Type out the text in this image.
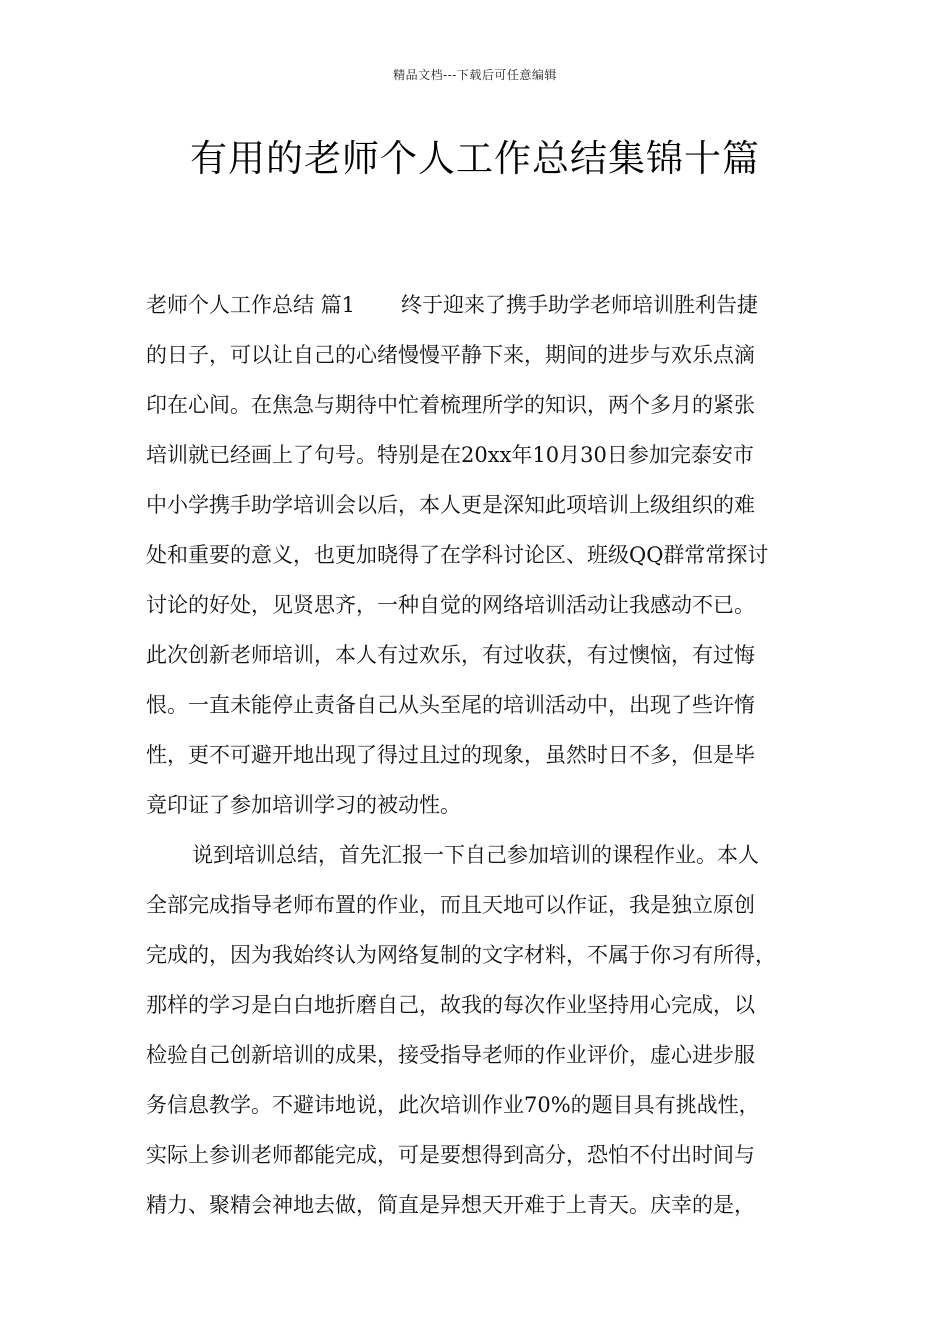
精品文档---下载后可任意编辑
有用的老师个人工作总结集锦十篇
老师个人工作总结 篇1 终于迎来了携手助学老师培训胜利告捷
的日子，可以让自己的心绪慢慢平静下来，期间的进步与欢乐点滴
印在心间。在焦急与期待中忙着梳理所学的知识，两个多月的紧张
培训就已经画上了句号。特别是在20xx年10月30日参加完泰安市
中小学携手助学培训会以后，本人更是深知此项培训上级组织的难
处和重要的意义，也更加晓得了在学科讨论区、班级QQ群常常探讨
讨论的好处，见贤思齐，一种自觉的网络培训活动让我感动不已。
此次创新老师培训，本人有过欢乐，有过收获，有过懊恼，有过悔
恨。一直未能停止责备自己从头至尾的培训活动中，出现了些许惰
性，更不可避开地出现了得过且过的现象，虽然时日不多，但是毕
竟印证了参加培训学习的被动性。
说到培训总结，首先汇报一下自己参加培训的课程作业。本人
全部完成指导老师布置的作业，而且天地可以作证，我是独立原创
完成的，因为我始终认为网络复制的文字材料，不属于你习有所得，
那样的学习是白白地折磨自己，故我的每次作业坚持用心完成，以
检验自己创新培训的成果，接受指导老师的作业评价，虚心进步服
务信息教学。不避讳地说，此次培训作业70%的题目具有挑战性，
实际上参训老师都能完成，可是要想得到高分，恐怕不付出时间与
精力、聚精会神地去做，简直是异想天开难于上青天。庆幸的是，
